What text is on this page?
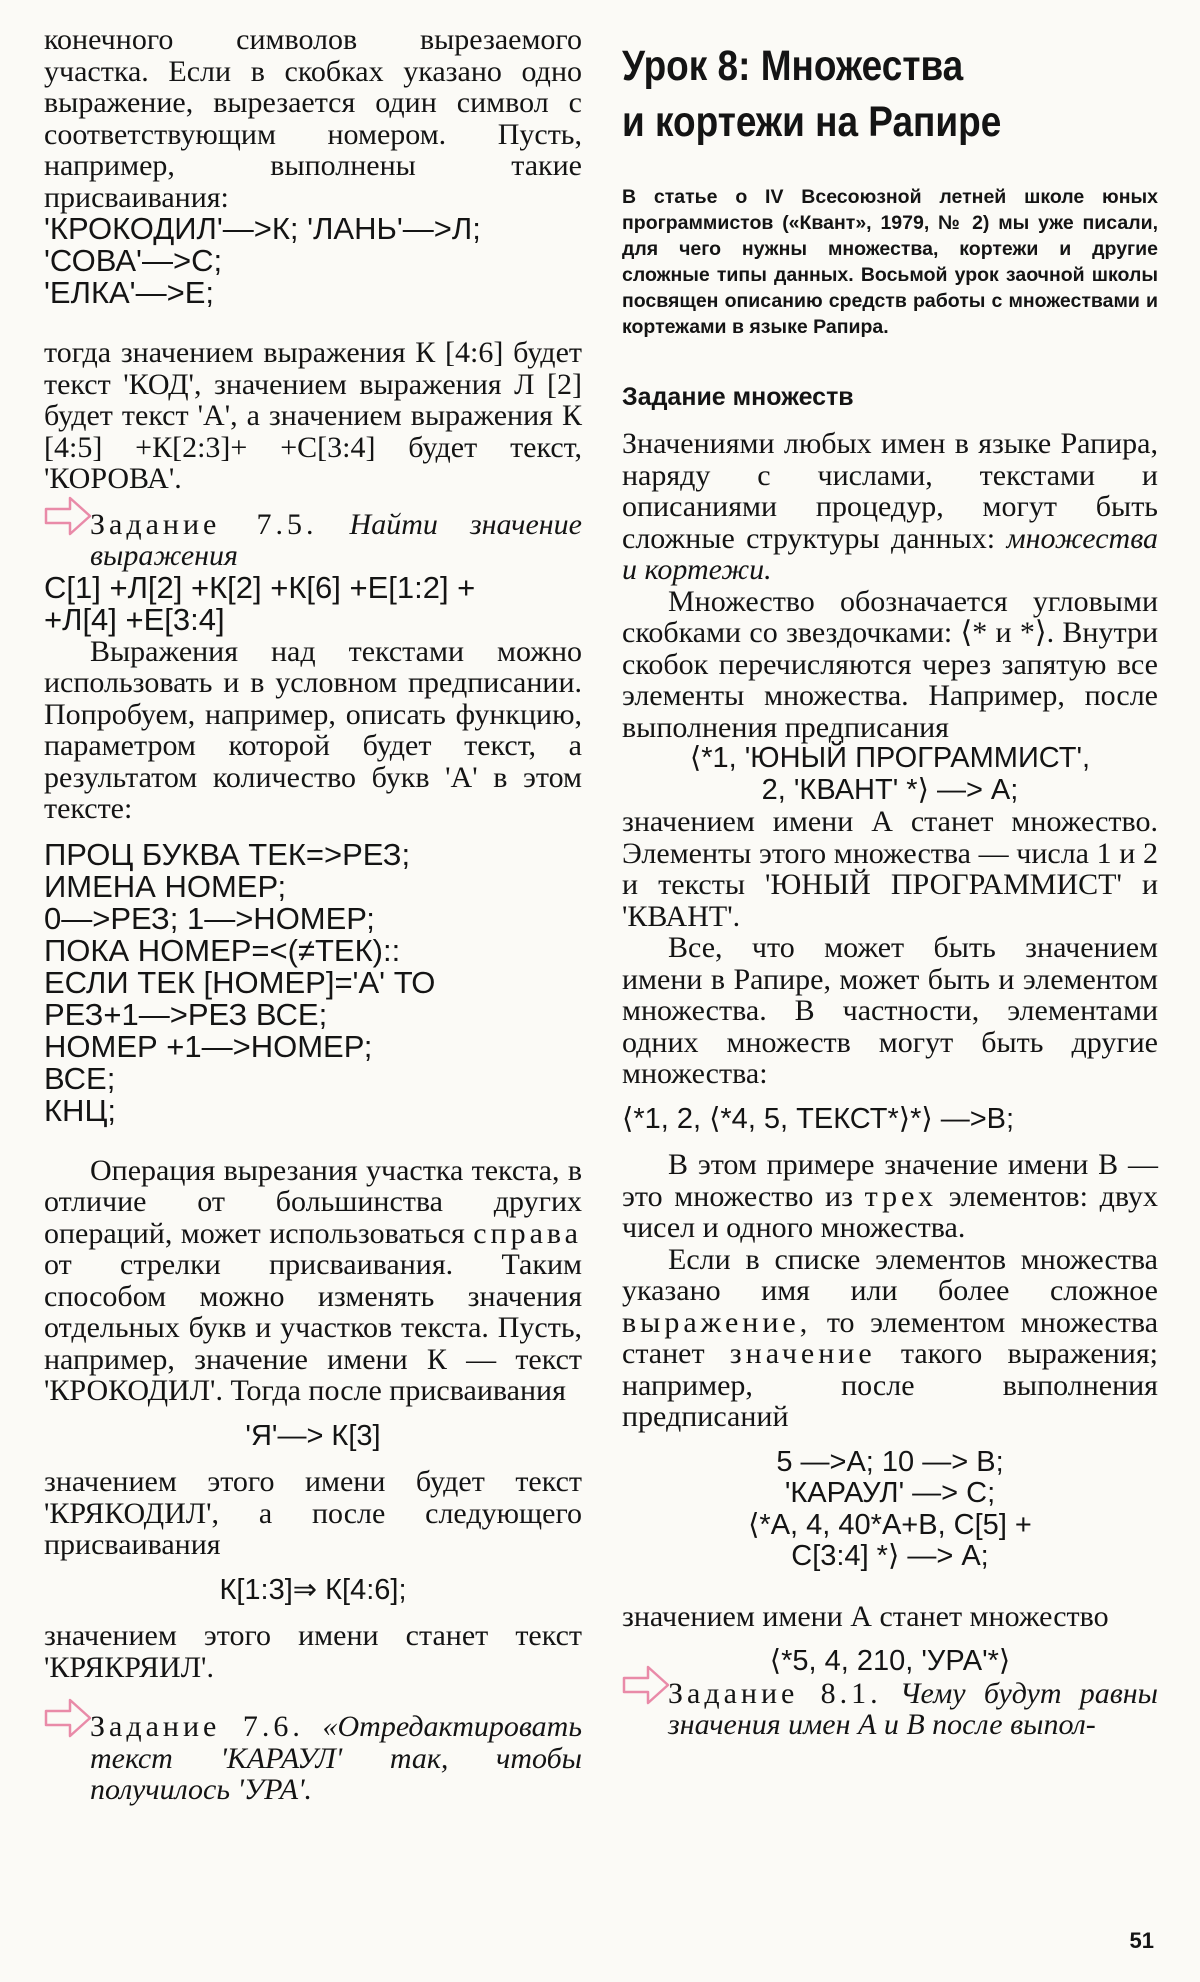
конечного символов вырезаемого участка. Если в скобках указано одно выражение, вырезается один символ с соответствующим номером. Пусть, например, выполнены такие присваивания:

'КРОКОДИЛ'—>К; 'ЛАНЬ'—>Л;
'СОВА'—>С;
'ЕЛКА'—>Е;

тогда значением выражения К [4:6] будет текст 'КОД', значением выражения Л [2] будет текст 'А', а значением выражения К [4:5] +К[2:3]+ +С[3:4] будет текст, 'КОРОВА'.

Задание 7.5. Найти значение выражения

С[1] +Л[2] +К[2] +К[6] +Е[1:2] +
+Л[4] +Е[3:4]

Выражения над текстами можно использовать и в условном предписании. Попробуем, например, описать функцию, параметром которой будет текст, а результатом количество букв 'А' в этом тексте:

ПРОЦ БУКВА ТЕК=>РЕЗ;
ИМЕНА НОМЕР;
0—>РЕЗ; 1—>НОМЕР;
ПОКА НОМЕР=<(≠ТЕК)::
ЕСЛИ ТЕК [НОМЕР]='А' ТО
РЕЗ+1—>РЕЗ ВСЕ;
НОМЕР +1—>НОМЕР;
ВСЕ;
КНЦ;

Операция вырезания участка текста, в отличие от большинства других операций, может использоваться справа от стрелки присваивания. Таким способом можно изменять значения отдельных букв и участков текста. Пусть, например, значение имени К — текст 'КРОКОДИЛ'. Тогда после присваивания

'Я'—> К[3]

значением этого имени будет текст 'КРЯКОДИЛ', а после следующего присваивания

К[1:3]⇒ К[4:6];

значением этого имени станет текст 'КРЯКРЯИЛ'.

Задание 7.6. «Отредактировать текст 'КАРАУЛ' так, чтобы получилось 'УРА'.

Урок 8: Множества
и кортежи на Рапире
В статье о IV Всесоюзной летней школе юных программистов («Квант», 1979, № 2) мы уже писали, для чего нужны множества, кортежи и другие сложные типы данных. Восьмой урок заочной школы посвящен описанию средств работы с множествами и кортежами в языке Рапира.
Задание множеств

Значениями любых имен в языке Рапира, наряду с числами, текстами и описаниями процедур, могут быть сложные структуры данных: множества и кортежи.

Множество обозначается угловыми скобками со звездочками: ⟨* и *⟩. Внутри скобок перечисляются через запятую все элементы множества. Например, после выполнения предписания

⟨*1, 'ЮНЫЙ ПРОГРАММИСТ',
2, 'КВАНТ' *⟩ —> А;

значением имени А станет множество. Элементы этого множества — числа 1 и 2 и тексты 'ЮНЫЙ ПРОГРАММИСТ' и 'КВАНТ'.

Все, что может быть значением имени в Рапире, может быть и элементом множества. В частности, элементами одних множеств могут быть другие множества:

⟨*1, 2, ⟨*4, 5, ТЕКСТ*⟩*⟩ —>В;

В этом примере значение имени В — это множество из трех элементов: двух чисел и одного множества.

Если в списке элементов множества указано имя или более сложное выражение, то элементом множества станет значение такого выражения; например, после выполнения предписаний

5 —>А; 10 —> В;
'КАРАУЛ' —> С;
⟨*А, 4, 40*А+В, С[5] +
С[3:4] *⟩ —> А;

значением имени А станет множество

⟨*5, 4, 210, 'УРА'*⟩

Задание 8.1. Чему будут равны значения имен А и В после выпол-

51
